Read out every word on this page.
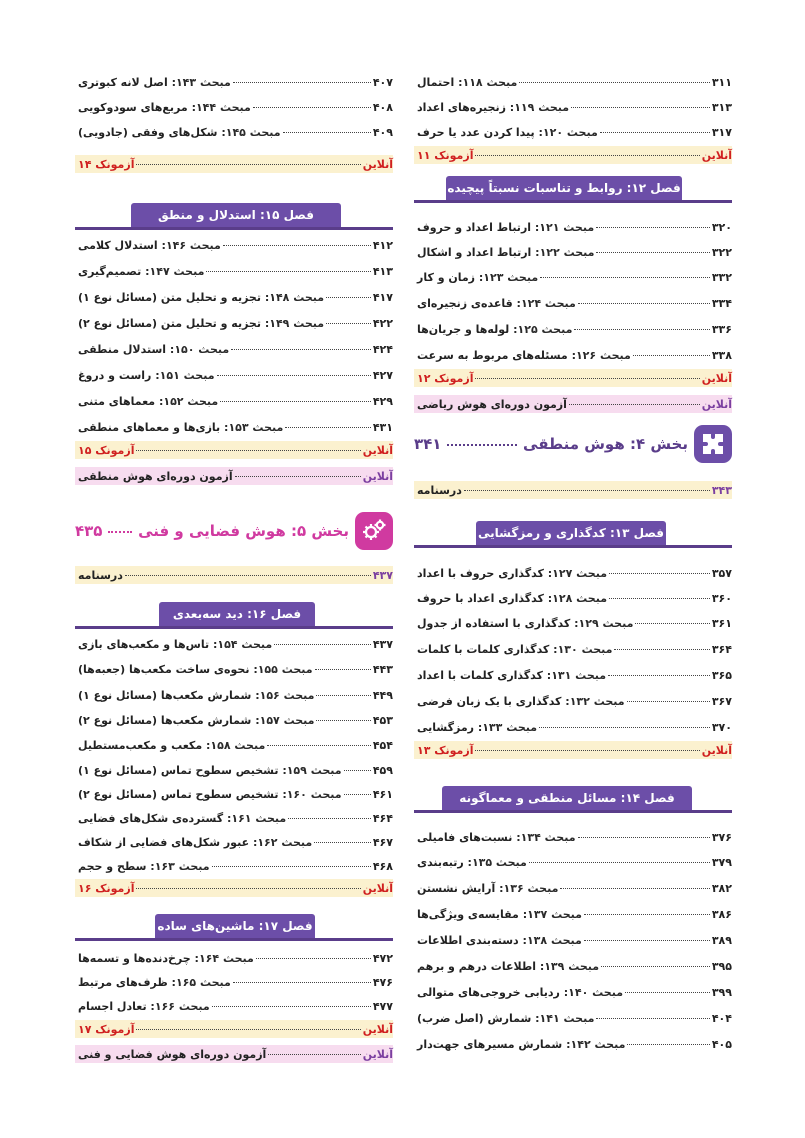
مبحث ۱۱۸: احتمال	۳۱۱
مبحث ۱۱۹: زنجیره‌های اعداد	۳۱۳
مبحث ۱۲۰: پیدا کردن عدد یا حرف	۳۱۷
آزمونک ۱۱	آنلاین
فصل ۱۲: روابط و تناسبات نسبتاً پیچیده
مبحث ۱۲۱: ارتباط اعداد و حروف	۳۲۰
مبحث ۱۲۲: ارتباط اعداد و اشکال	۳۲۲
مبحث ۱۲۳: زمان و کار	۳۳۲
مبحث ۱۲۴: قاعده‌ی زنجیره‌ای	۳۳۴
مبحث ۱۲۵: لوله‌ها و جریان‌ها	۳۳۶
مبحث ۱۲۶: مسئله‌های مربوط به سرعت	۳۳۸
آزمونک ۱۲	آنلاین
آزمون دوره‌ای هوش ریاضی	آنلاین
۳۴۱	بخش ۴: هوش منطقی
درسنامه	۳۴۳
فصل ۱۳: کدگذاری و رمزگشایی
مبحث ۱۲۷: کدگذاری حروف با اعداد	۳۵۷
مبحث ۱۲۸: کدگذاری اعداد با حروف	۳۶۰
مبحث ۱۲۹: کدگذاری با استفاده از جدول	۳۶۱
مبحث ۱۳۰: کدگذاری کلمات با کلمات	۳۶۴
مبحث ۱۳۱: کدگذاری کلمات با اعداد	۳۶۵
مبحث ۱۳۲: کدگذاری با یک زبان فرضی	۳۶۷
مبحث ۱۳۳: رمزگشایی	۳۷۰
آزمونک ۱۳	آنلاین
فصل ۱۴: مسائل منطقی و معماگونه
مبحث ۱۳۴: نسبت‌های فامیلی	۳۷۶
مبحث ۱۳۵: رتبه‌بندی	۳۷۹
مبحث ۱۳۶: آرایش نشستن	۳۸۲
مبحث ۱۳۷: مقایسه‌ی ویژگی‌ها	۳۸۶
مبحث ۱۳۸: دسته‌بندی اطلاعات	۳۸۹
مبحث ۱۳۹: اطلاعات درهم و برهم	۳۹۵
مبحث ۱۴۰: ردیابی خروجی‌های متوالی	۳۹۹
مبحث ۱۴۱: شمارش (اصل ضرب)	۴۰۴
مبحث ۱۴۲: شمارش مسیرهای جهت‌دار	۴۰۵
مبحث ۱۴۳: اصل لانه کبوتری	۴۰۷
مبحث ۱۴۴: مربع‌های سودوکویی	۴۰۸
مبحث ۱۴۵: شکل‌های وفقی (جادویی)	۴۰۹
آزمونک ۱۴	آنلاین
فصل ۱۵: استدلال و منطق
مبحث ۱۴۶: استدلال کلامی	۴۱۲
مبحث ۱۴۷: تصمیم‌گیری	۴۱۳
مبحث ۱۴۸: تجزیه و تحلیل متن (مسائل نوع ۱)	۴۱۷
مبحث ۱۴۹: تجزیه و تحلیل متن (مسائل نوع ۲)	۴۲۲
مبحث ۱۵۰: استدلال منطقی	۴۲۴
مبحث ۱۵۱: راست و دروغ	۴۲۷
مبحث ۱۵۲: معماهای متنی	۴۲۹
مبحث ۱۵۳: بازی‌ها و معماهای منطقی	۴۳۱
آزمونک ۱۵	آنلاین
آزمون دوره‌ای هوش منطقی	آنلاین
۴۳۵ بخش ۵: هوش فضایی و فنی
درسنامه	۴۳۷
فصل ۱۶: دید سه‌بعدی
مبحث ۱۵۴: تاس‌ها و مکعب‌های بازی	۴۳۷
مبحث ۱۵۵: نحوه‌ی ساخت مکعب‌ها (جعبه‌ها)	۴۴۳
مبحث ۱۵۶: شمارش مکعب‌ها (مسائل نوع ۱)	۴۴۹
مبحث ۱۵۷: شمارش مکعب‌ها (مسائل نوع ۲)	۴۵۳
مبحث ۱۵۸: مکعب و مکعب‌مستطیل	۴۵۴
مبحث ۱۵۹: تشخیص سطوح تماس (مسائل نوع ۱)	۴۵۹
مبحث ۱۶۰: تشخیص سطوح تماس (مسائل نوع ۲)	۴۶۱
مبحث ۱۶۱: گسترده‌ی شکل‌های فضایی	۴۶۴
مبحث ۱۶۲: عبور شکل‌های فضایی از شکاف	۴۶۷
مبحث ۱۶۳: سطح و حجم	۴۶۸
آزمونک ۱۶	آنلاین
فصل ۱۷: ماشین‌های ساده
مبحث ۱۶۴: چرخ‌دنده‌ها و تسمه‌ها	۴۷۲
مبحث ۱۶۵: ظرف‌های مرتبط	۴۷۶
مبحث ۱۶۶: تعادل اجسام	۴۷۷
آزمونک ۱۷	آنلاین
آزمون دوره‌ای هوش فضایی و فنی	آنلاین
